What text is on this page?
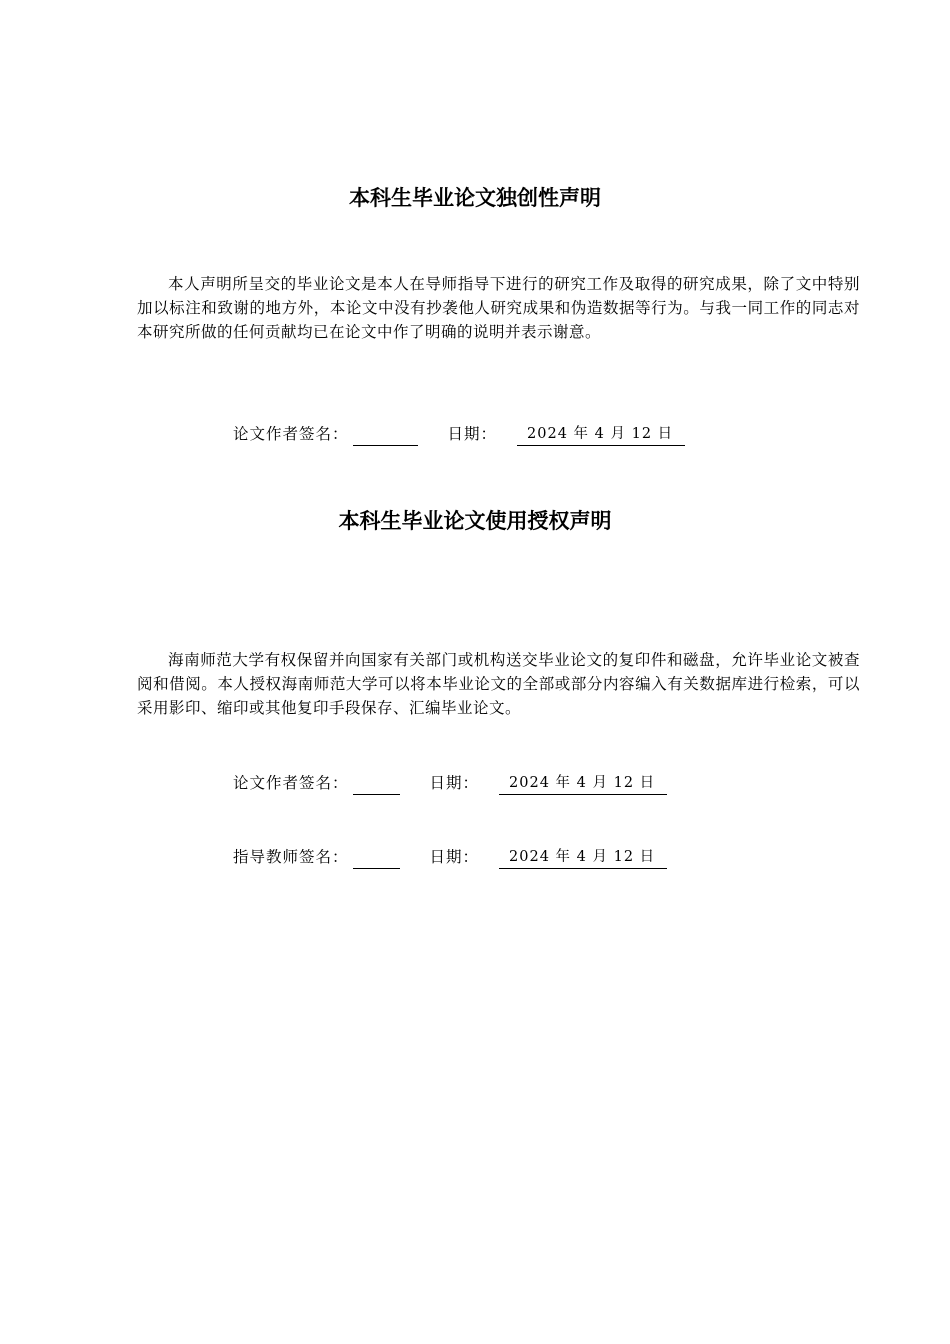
本科生毕业论文独创性声明

本人声明所呈交的毕业论文是本人在导师指导下进行的研究工作及取得的研究成果，除了文中特别加以标注和致谢的地方外，本论文中没有抄袭他人研究成果和伪造数据等行为。与我一同工作的同志对本研究所做的任何贡献均已在论文中作了明确的说明并表示谢意。

论文作者签名：	日期：	2024 年 4 月 12 日
本科生毕业论文使用授权声明

海南师范大学有权保留并向国家有关部门或机构送交毕业论文的复印件和磁盘，允许毕业论文被查阅和借阅。本人授权海南师范大学可以将本毕业论文的全部或部分内容编入有关数据库进行检索，可以采用影印、缩印或其他复印手段保存、汇编毕业论文。

论文作者签名：	日期：	2024 年 4 月 12 日
指导教师签名：	日期：	2024 年 4 月 12 日
